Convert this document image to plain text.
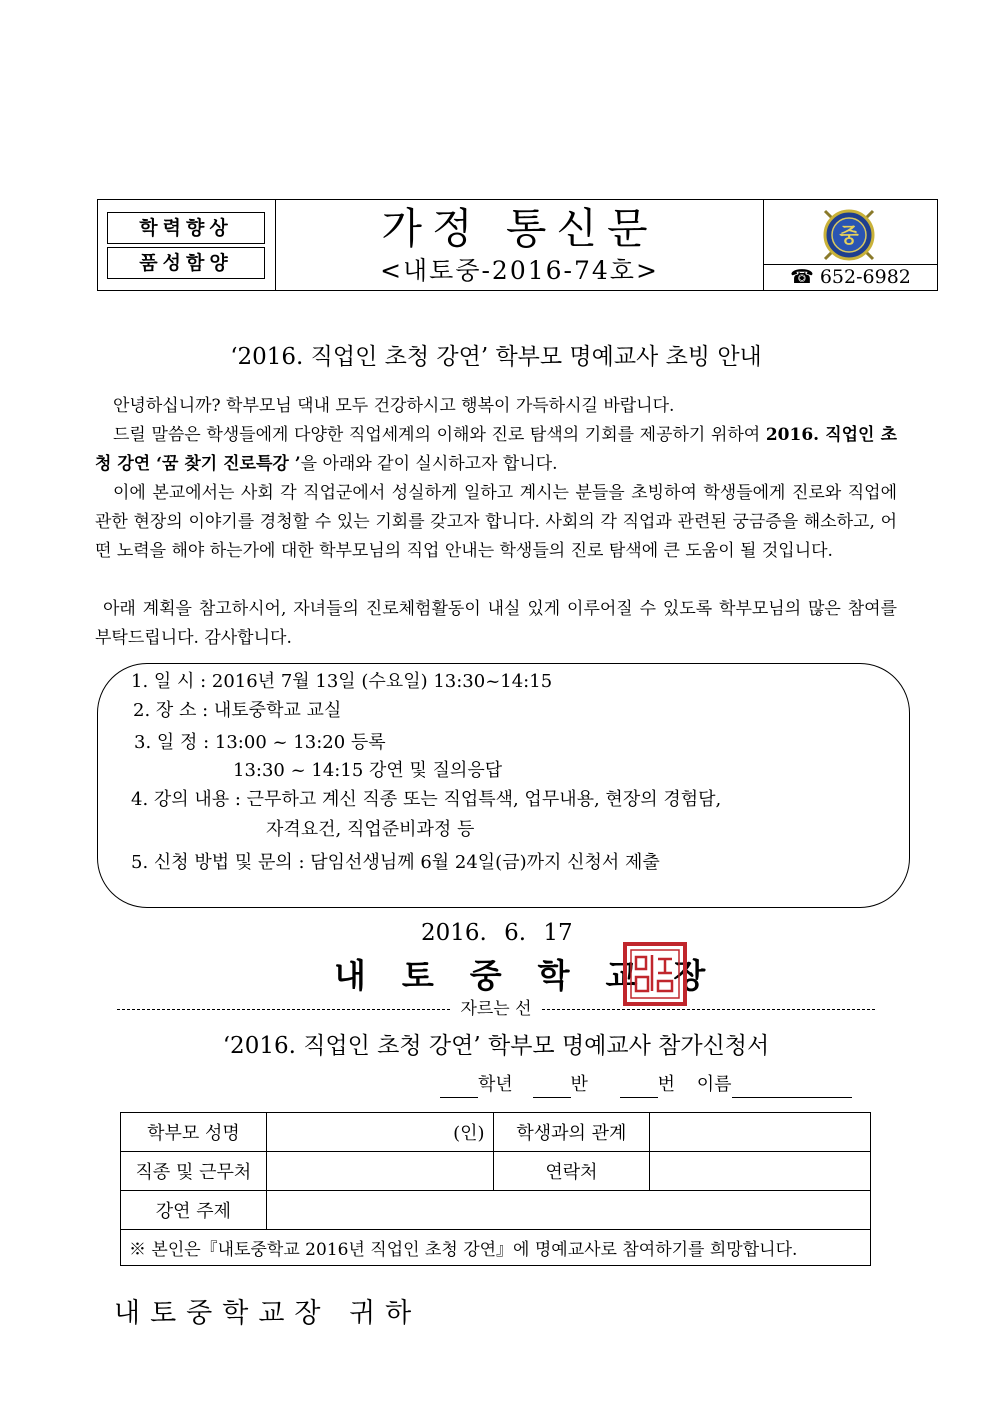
학력향상
품성함양
가정 통신문
<내토중-2016-74호>
중
☎ 652-6982
‘2016. 직업인 초청 강연’ 학부모 명예교사 초빙 안내
안녕하십니까? 학부모님 댁내 모두 건강하시고 행복이 가득하시길 바랍니다.
드릴 말씀은 학생들에게 다양한 직업세계의 이해와 진로 탐색의 기회를 제공하기 위하여 2016. 직업인 초청 강연 ‘꿈 찾기 진로특강 ’을 아래와 같이 실시하고자 합니다.
이에 본교에서는 사회 각 직업군에서 성실하게 일하고 계시는 분들을 초빙하여 학생들에게 진로와 직업에 관한 현장의 이야기를 경청할 수 있는 기회를 갖고자 합니다. 사회의 각 직업과 관련된 궁금증을 해소하고, 어떤 노력을 해야 하는가에 대한 학부모님의 직업 안내는 학생들의 진로 탐색에 큰 도움이 될 것입니다.
아래 계획을 참고하시어, 자녀들의 진로체험활동이 내실 있게 이루어질 수 있도록 학부모님의 많은 참여를 부탁드립니다. 감사합니다.
1. 일 시 : 2016년 7월 13일 (수요일) 13:30~14:15
2. 장 소 : 내토중학교 교실
3. 일 정 : 13:00 ~ 13:20 등록
13:30 ~ 14:15 강연 및 질의응답
4. 강의 내용 : 근무하고 계신 직종 또는 직업특색, 업무내용, 현장의 경험담,
자격요건, 직업준비과정 등
5. 신청 방법 및 문의 : 담임선생님께 6월 24일(금)까지 신청서 제출
2016. 6. 17
내토중학교장
자르는 선
‘2016. 직업인 초청 강연’ 학부모 명예교사 참가신청서
학년	반	번 이름
학부모 성명	(인)	학생과의 관계	
직종 및 근무처		연락처	
강연 주제			
※ 본인은『내토중학교 2016년 직업인 초청 강연』에 명예교사로 참여하기를 희망합니다.			
내토중학교장 귀하
